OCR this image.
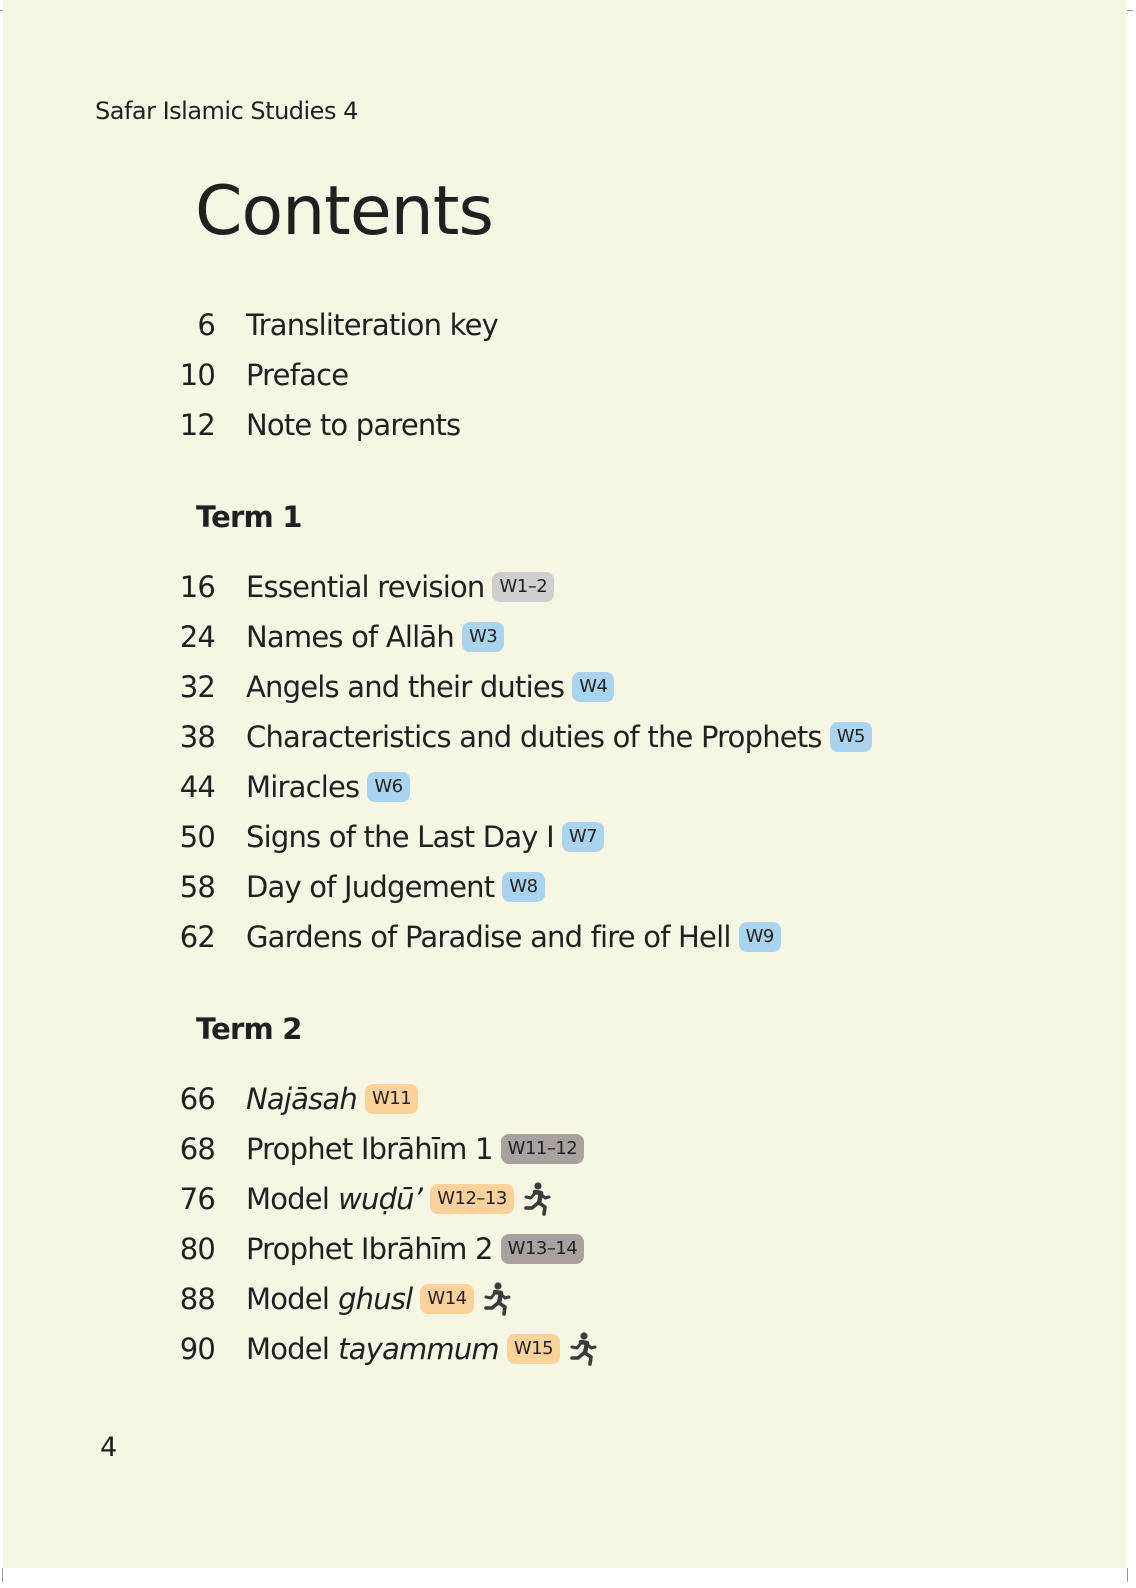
Safar Islamic Studies 4
Contents
6	Transliteration key
10	Preface
12	Note to parents
Term 1
16	Essential revision W1–2
24	Names of Allāh W3
32	Angels and their duties W4
38	Characteristics and duties of the Prophets W5
44	Miracles W6
50	Signs of the Last Day I W7
58	Day of Judgement W8
62	Gardens of Paradise and fire of Hell W9
Term 2
66	Najāsah W11
68	Prophet Ibrāhīm 1 W11–12
76	Model wuḍū’ W12–13
80	Prophet Ibrāhīm 2 W13–14
88	Model ghusl W14
90	Model tayammum W15
4
